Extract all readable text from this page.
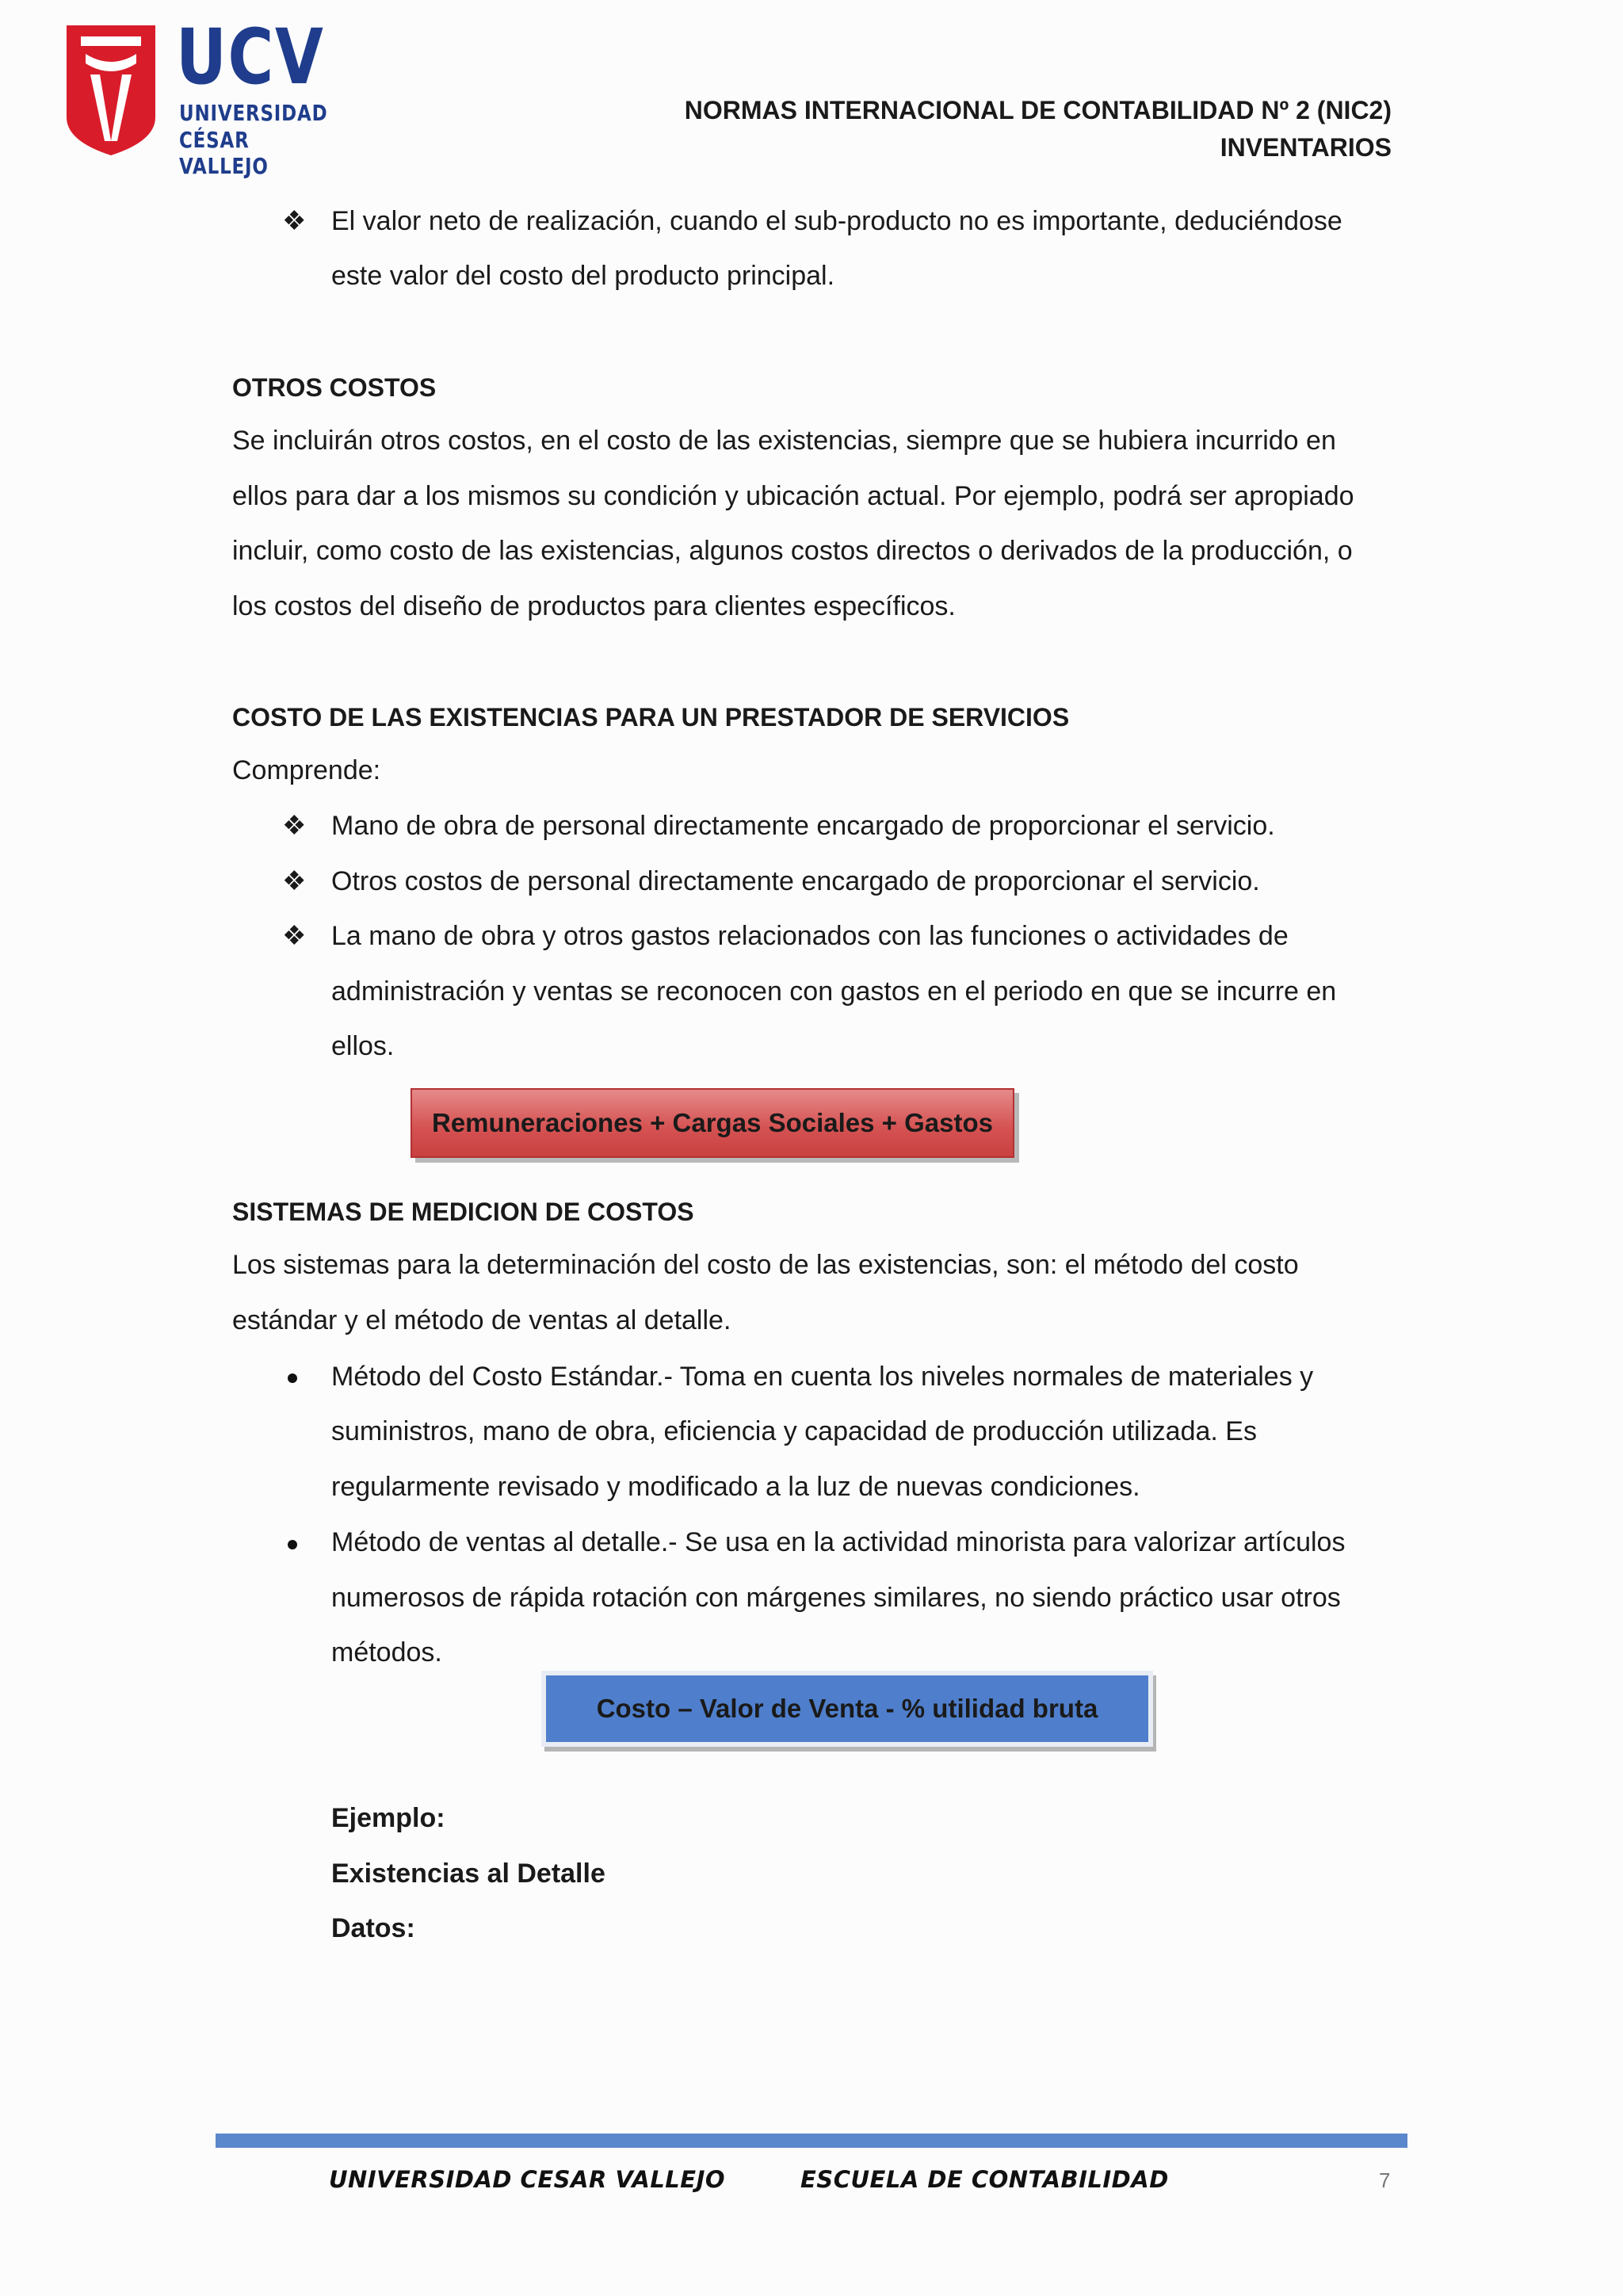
UCV
UNIVERSIDAD
CÉSAR VALLEJO
NORMAS INTERNACIONAL DE CONTABILIDAD Nº 2 (NIC2)
INVENTARIOS
❖ El valor neto de realización, cuando el sub-producto no es importante, deduciéndose
este valor del costo del producto principal.
OTROS COSTOS
Se incluirán otros costos, en el costo de las existencias, siempre que se hubiera incurrido en
ellos para dar a los mismos su condición y ubicación actual. Por ejemplo, podrá ser apropiado
incluir, como costo de las existencias, algunos costos directos o derivados de la producción, o
los costos del diseño de productos para clientes específicos.
COSTO DE LAS EXISTENCIAS PARA UN PRESTADOR DE SERVICIOS
Comprende:
❖ Mano de obra de personal directamente encargado de proporcionar el servicio.
❖ Otros costos de personal directamente encargado de proporcionar el servicio.
❖ La mano de obra y otros gastos relacionados con las funciones o actividades de
administración y ventas se reconocen con gastos en el periodo en que se incurre en
ellos.
Remuneraciones + Cargas Sociales + Gastos
SISTEMAS DE MEDICION DE COSTOS
Los sistemas para la determinación del costo de las existencias, son: el método del costo
estándar y el método de ventas al detalle.
Método del Costo Estándar.- Toma en cuenta los niveles normales de materiales y
suministros, mano de obra, eficiencia y capacidad de producción utilizada. Es
regularmente revisado y modificado a la luz de nuevas condiciones.
Método de ventas al detalle.- Se usa en la actividad minorista para valorizar artículos
numerosos de rápida rotación con márgenes similares, no siendo práctico usar otros
métodos.
Costo – Valor de Venta - % utilidad bruta
Ejemplo:
Existencias al Detalle
Datos:
UNIVERSIDAD CESAR VALLEJO	ESCUELA DE CONTABILIDAD	7
